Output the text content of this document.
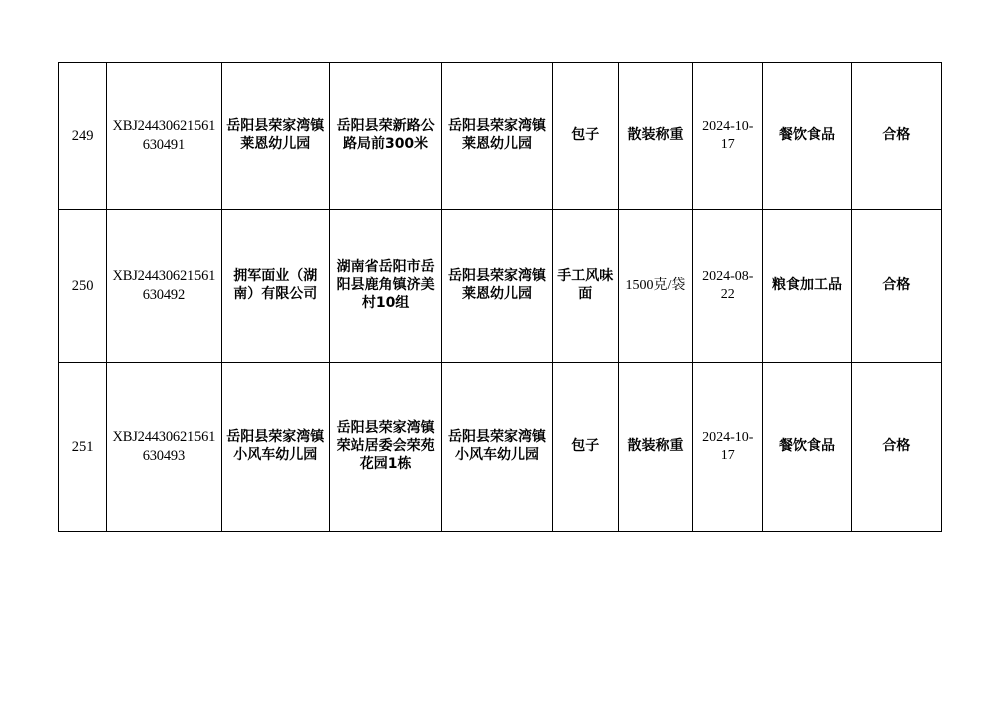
249	XBJ24430621561630491	岳阳县荣家湾镇莱恩幼儿园	岳阳县荣新路公路局前300米	岳阳县荣家湾镇莱恩幼儿园	包子	散装称重	2024-10-17	餐饮食品	合格
250	XBJ24430621561630492	拥军面业（湖南）有限公司	湖南省岳阳市岳阳县鹿角镇济美村10组	岳阳县荣家湾镇莱恩幼儿园	手工风味面	1500克/袋	2024-08-22	粮食加工品	合格
251	XBJ24430621561630493	岳阳县荣家湾镇小风车幼儿园	岳阳县荣家湾镇荣站居委会荣苑花园1栋	岳阳县荣家湾镇小风车幼儿园	包子	散装称重	2024-10-17	餐饮食品	合格
